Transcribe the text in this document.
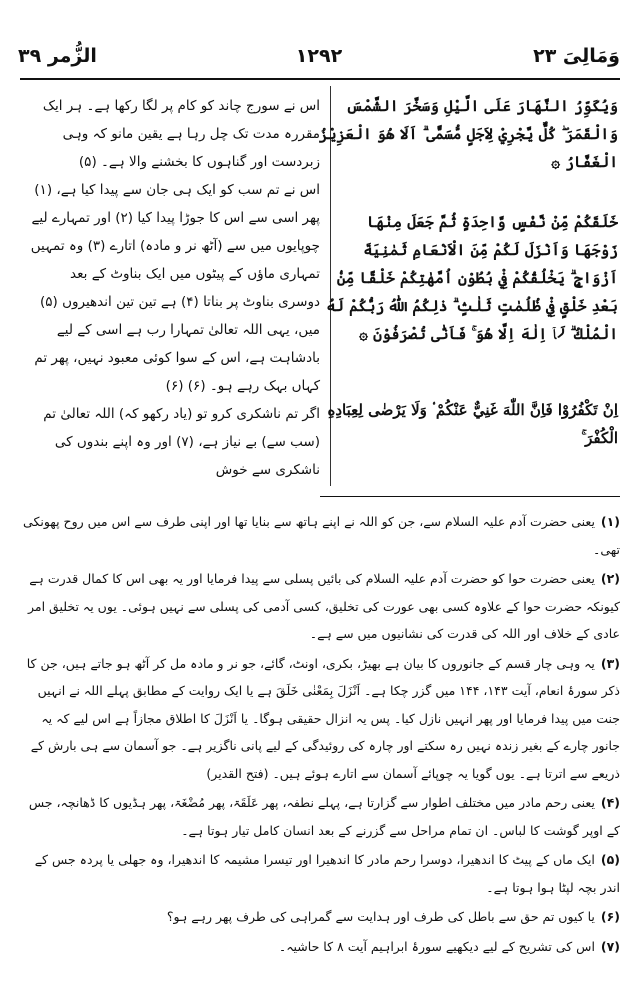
وَمَالِیَ ٢٣
١٢٩٢
الزُّمر ٣٩
وَيُكَوِّرُ النَّهَارَ عَلَى الَّيْلِ وَسَخَّرَ الشَّمْسَ وَالْقَمَرَ ۖ كُلٌّ يَّجْرِيْ لِاَجَلٍ مُّسَمًّى ۗ اَلَا هُوَ الْعَزِيْزُ الْغَفَّارُ ۞
خَلَقَكُمْ مِّنْ نَّفْسٍ وَّاحِدَةٍ ثُمَّ جَعَلَ مِنْهَا زَوْجَهَا وَاَنْزَلَ لَكُمْ مِّنَ الْاَنْعَامِ ثَمٰنِيَةَ اَزْوَاجٍ ۗ يَخْلُقُكُمْ فِيْ بُطُوْنِ اُمَّهٰتِكُمْ خَلْقًا مِّنْۢ بَعْدِ خَلْقٍ فِيْ ظُلُمٰتٍ ثَلٰثٍ ۗ ذٰلِكُمُ اللّٰهُ رَبُّكُمْ لَهُ الْمُلْكُ ۗ لَاۤ اِلٰهَ اِلَّا هُوَ ۚ فَاَنّٰى تُصْرَفُوْنَ ۞
اِنْ تَكْفُرُوْا فَاِنَّ اللّٰهَ غَنِيٌّ عَنْكُمْ ۟ وَلَا يَرْضٰى لِعِبَادِهِ الْكُفْرَ ۚ

اس نے سورج چاند کو کام پر لگا رکھا ہے۔ ہر ایک مقررہ مدت تک چل رہا ہے یقین مانو کہ وہی زبردست اور گناہوں کا بخشنے والا ہے۔ (۵)

اس نے تم سب کو ایک ہی جان سے پیدا کیا ہے، (۱) پھر اسی سے اس کا جوڑا پیدا کیا (۲) اور تمہارے لیے چوپایوں میں سے (آٹھ نر و مادہ) اتارے (۳) وہ تمہیں تمہاری ماؤں کے پیٹوں میں ایک بناوٹ کے بعد دوسری بناوٹ پر بناتا (۴) ہے تین تین اندھیروں (۵) میں، یہی اللہ تعالیٰ تمہارا رب ہے اسی کے لیے بادشاہت ہے، اس کے سوا کوئی معبود نہیں، پھر تم کہاں بہک رہے ہو۔ (۶) (۶)

اگر تم ناشکری کرو تو (یاد رکھو کہ) اللہ تعالیٰ تم (سب سے) بے نیاز ہے، (۷) اور وہ اپنے بندوں کی ناشکری سے خوش

(۱)یعنی حضرت آدم علیہ السلام سے، جن کو اللہ نے اپنے ہاتھ سے بنایا تھا اور اپنی طرف سے اس میں روح پھونکی تھی۔

(۲)یعنی حضرت حوا کو حضرت آدم علیہ السلام کی بائیں پسلی سے پیدا فرمایا اور یہ بھی اس کا کمال قدرت ہے کیونکہ حضرت حوا کے علاوہ کسی بھی عورت کی تخلیق، کسی آدمی کی پسلی سے نہیں ہوئی۔ یوں یہ تخلیق امر عادی کے خلاف اور اللہ کی قدرت کی نشانیوں میں سے ہے۔

(۳)یہ وہی چار قسم کے جانوروں کا بیان ہے بھیڑ، بکری، اونٹ، گائے، جو نر و مادہ مل کر آٹھ ہو جاتے ہیں، جن کا ذکر سورۂ انعام، آیت ۱۴۳، ۱۴۴ میں گزر چکا ہے۔ اَنْزَلَ بِمَعْنٰی خَلَقَ ہے یا ایک روایت کے مطابق پہلے اللہ نے انہیں جنت میں پیدا فرمایا اور پھر انہیں نازل کیا۔ پس یہ انزال حقیقی ہوگا۔ یا اَنْزَلَ کا اطلاق مجازاً ہے اس لیے کہ یہ جانور چارے کے بغیر زندہ نہیں رہ سکتے اور چارہ کی روئیدگی کے لیے پانی ناگزیر ہے۔ جو آسمان سے ہی بارش کے ذریعے سے اترتا ہے۔ یوں گویا یہ چوپائے آسمان سے اتارے ہوئے ہیں۔ (فتح القدیر)

(۴)یعنی رحم مادر میں مختلف اطوار سے گزارتا ہے، پہلے نطفہ، پھر عَلَقَۃ، پھر مُضْغَۃ، پھر ہڈیوں کا ڈھانچہ، جس کے اوپر گوشت کا لباس۔ ان تمام مراحل سے گزرنے کے بعد انسان کامل تیار ہوتا ہے۔

(۵)ایک ماں کے پیٹ کا اندھیرا، دوسرا رحم مادر کا اندھیرا اور تیسرا مشیمہ کا اندھیرا، وہ جھلی یا پردہ جس کے اندر بچہ لپٹا ہوا ہوتا ہے۔

(۶)یا کیوں تم حق سے باطل کی طرف اور ہدایت سے گمراہی کی طرف پھر رہے ہو؟

(۷)اس کی تشریح کے لیے دیکھیے سورۂ ابراہیم آیت ۸ کا حاشیہ۔
